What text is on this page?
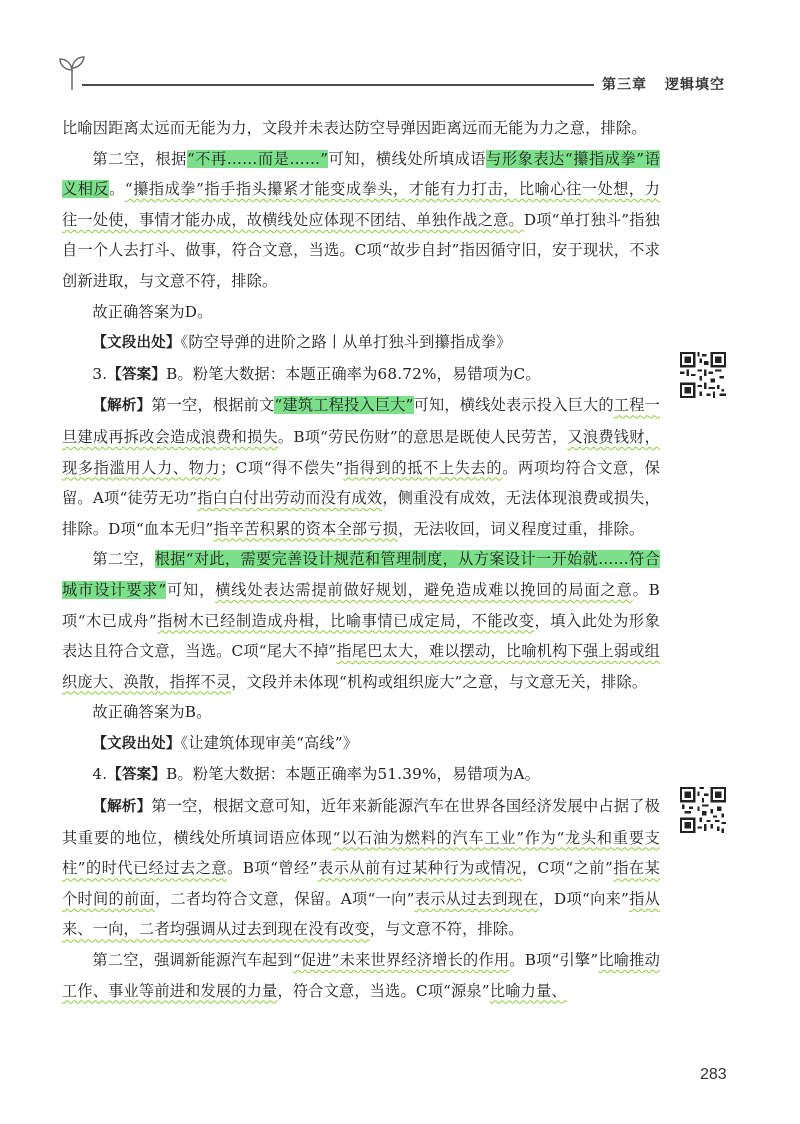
第三章 逻辑填空

比喻因距离太远而无能为力，文段并未表达防空导弹因距离远而无能为力之意，排除。

第二空，根据“不再……而是……”可知，横线处所填成语与形象表达“攥指成拳”语义相反。“攥指成拳”指手指头攥紧才能变成拳头，才能有力打击，比喻心往一处想，力往一处使，事情才能办成，故横线处应体现不团结、单独作战之意。D项“单打独斗”指独自一个人去打斗、做事，符合文意，当选。C项“故步自封”指因循守旧，安于现状，不求创新进取，与文意不符，排除。

故正确答案为D。

【文段出处】《防空导弹的进阶之路丨从单打独斗到攥指成拳》

3.【答案】B。粉笔大数据：本题正确率为68.72%，易错项为C。

【解析】第一空，根据前文“建筑工程投入巨大”可知，横线处表示投入巨大的工程一旦建成再拆改会造成浪费和损失。B项“劳民伤财”的意思是既使人民劳苦，又浪费钱财，现多指滥用人力、物力；C项“得不偿失”指得到的抵不上失去的。两项均符合文意，保留。A项“徒劳无功”指白白付出劳动而没有成效，侧重没有成效，无法体现浪费或损失，排除。D项“血本无归”指辛苦积累的资本全部亏损，无法收回，词义程度过重，排除。

第二空，根据“对此，需要完善设计规范和管理制度，从方案设计一开始就……符合城市设计要求”可知，横线处表达需提前做好规划，避免造成难以挽回的局面之意。B项“木已成舟”指树木已经制造成舟楫，比喻事情已成定局，不能改变，填入此处为形象表达且符合文意，当选。C项“尾大不掉”指尾巴太大，难以摆动，比喻机构下强上弱或组织庞大、涣散，指挥不灵，文段并未体现“机构或组织庞大”之意，与文意无关，排除。

故正确答案为B。

【文段出处】《让建筑体现审美“高线”》

4.【答案】B。粉笔大数据：本题正确率为51.39%，易错项为A。

【解析】第一空，根据文意可知，近年来新能源汽车在世界各国经济发展中占据了极其重要的地位，横线处所填词语应体现“以石油为燃料的汽车工业”作为“龙头和重要支柱”的时代已经过去之意。B项“曾经”表示从前有过某种行为或情况，C项“之前”指在某个时间的前面，二者均符合文意，保留。A项“一向”表示从过去到现在，D项“向来”指从来、一向，二者均强调从过去到现在没有改变，与文意不符，排除。

第二空，强调新能源汽车起到“促进”未来世界经济增长的作用。B项“引擎”比喻推动工作、事业等前进和发展的力量，符合文意，当选。C项“源泉”比喻力量、

283
